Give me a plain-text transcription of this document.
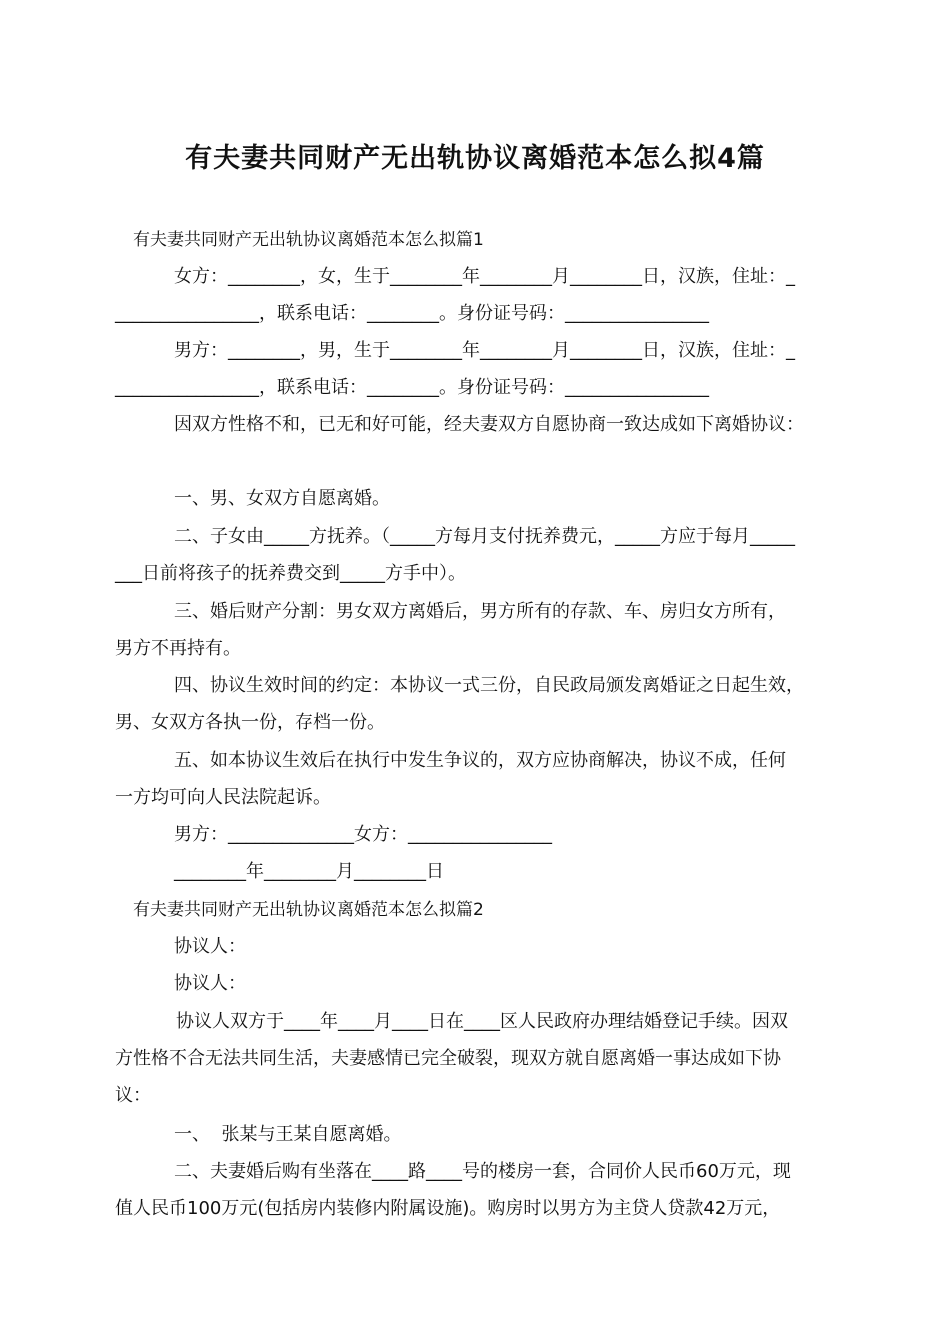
有夫妻共同财产无出轨协议离婚范本怎么拟4篇

有夫妻共同财产无出轨协议离婚范本怎么拟篇1

女方：________，女，生于________年________月________日，汉族，住址：_

________________，联系电话：________。身份证号码：________________

男方：________，男，生于________年________月________日，汉族，住址：_

________________，联系电话：________。身份证号码：________________

因双方性格不和，已无和好可能，经夫妻双方自愿协商一致达成如下离婚协议：

一、男、女双方自愿离婚。

二、子女由_____方抚养。（_____方每月支付抚养费元，_____方应于每月_____

___日前将孩子的抚养费交到_____方手中）。

三、婚后财产分割：男女双方离婚后，男方所有的存款、车、房归女方所有，

男方不再持有。

四、协议生效时间的约定：本协议一式三份，自民政局颁发离婚证之日起生效，

男、女双方各执一份，存档一份。

五、如本协议生效后在执行中发生争议的，双方应协商解决，协议不成，任何

一方均可向人民法院起诉。

男方：______________女方：________________

________年________月________日

有夫妻共同财产无出轨协议离婚范本怎么拟篇2

协议人：

协议人：

协议人双方于____年____月____日在____区人民政府办理结婚登记手续。因双

方性格不合无法共同生活，夫妻感情已完全破裂，现双方就自愿离婚一事达成如下协

议：

一、  张某与王某自愿离婚。

二、夫妻婚后购有坐落在____路____号的楼房一套，合同价人民币60万元，现

值人民币100万元(包括房内装修内附属设施)。购房时以男方为主贷人贷款42万元，
